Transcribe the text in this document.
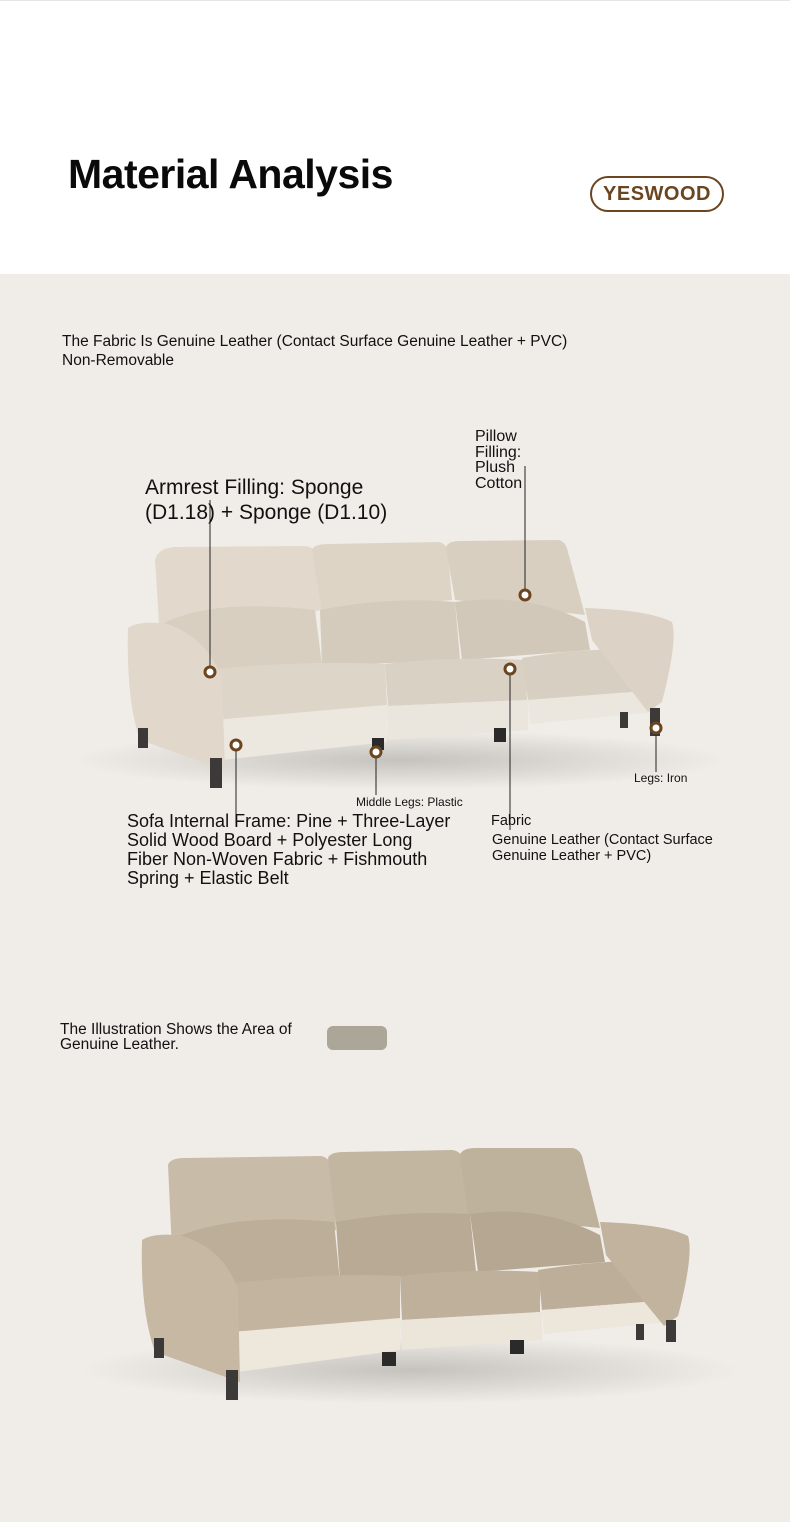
Material Analysis	YESWOOD
The Fabric Is Genuine Leather (Contact Surface Genuine Leather + PVC)
Non-Removable
Pillow
Filling:
Plush
Cotton
Armrest Filling: Sponge
(D1.18) + Sponge (D1.10)
Legs: Iron
Middle Legs: Plastic
Sofa Internal Frame: Pine + Three-Layer
Solid Wood Board + Polyester Long
Fiber Non-Woven Fabric + Fishmouth
Spring + Elastic Belt
Fabric
Genuine Leather (Contact Surface
Genuine Leather + PVC)
The Illustration Shows the Area of
Genuine Leather.
